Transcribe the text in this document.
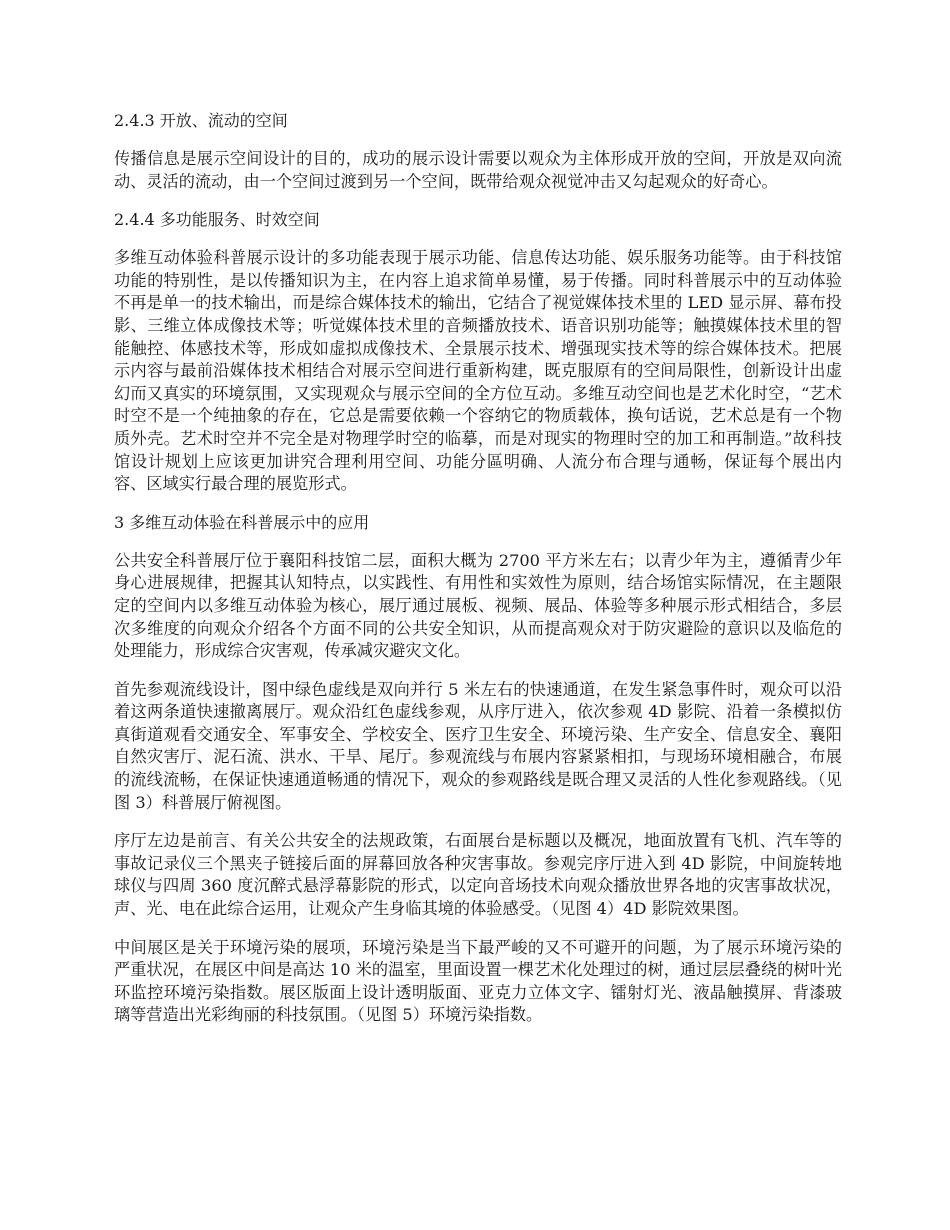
2.4.3 开放、流动的空间

传播信息是展示空间设计的目的，成功的展示设计需要以观众为主体形成开放的空间，开放是双向流动、灵活的流动，由一个空间过渡到另一个空间，既带给观众视觉冲击又勾起观众的好奇心。

2.4.4 多功能服务、时效空间

多维互动体验科普展示设计的多功能表现于展示功能、信息传达功能、娱乐服务功能等。由于科技馆功能的特别性，是以传播知识为主，在内容上追求简单易懂，易于传播。同时科普展示中的互动体验不再是单一的技术输出，而是综合媒体技术的输出，它结合了视觉媒体技术里的 LED 显示屏、幕布投影、三维立体成像技术等；听觉媒体技术里的音频播放技术、语音识别功能等；触摸媒体技术里的智能触控、体感技术等，形成如虚拟成像技术、全景展示技术、增强现实技术等的综合媒体技术。把展示内容与最前沿媒体技术相结合对展示空间进行重新构建，既克服原有的空间局限性，创新设计出虚幻而又真实的环境氛围，又实现观众与展示空间的全方位互动。多维互动空间也是艺术化时空，“艺术时空不是一个纯抽象的存在，它总是需要依赖一个容纳它的物质载体，换句话说，艺术总是有一个物质外壳。艺术时空并不完全是对物理学时空的临摹，而是对现实的物理时空的加工和再制造。”故科技馆设计规划上应该更加讲究合理利用空间、功能分區明确、人流分布合理与通畅，保证每个展出内容、区域实行最合理的展览形式。

3 多维互动体验在科普展示中的应用

公共安全科普展厅位于襄阳科技馆二层，面积大概为 2700 平方米左右；以青少年为主，遵循青少年身心进展规律，把握其认知特点，以实践性、有用性和实效性为原则，结合场馆实际情况，在主题限定的空间内以多维互动体验为核心，展厅通过展板、视频、展品、体验等多种展示形式相结合，多层次多维度的向观众介绍各个方面不同的公共安全知识，从而提高观众对于防灾避险的意识以及临危的处理能力，形成综合灾害观，传承减灾避灾文化。

首先参观流线设计，图中绿色虚线是双向并行 5 米左右的快速通道，在发生紧急事件时，观众可以沿着这两条道快速撤离展厅。观众沿红色虚线参观，从序厅进入，依次参观 4D 影院、沿着一条模拟仿真街道观看交通安全、军事安全、学校安全、医疗卫生安全、环境污染、生产安全、信息安全、襄阳自然灾害厅、泥石流、洪水、干旱、尾厅。参观流线与布展内容紧紧相扣，与现场环境相融合，布展的流线流畅，在保证快速通道畅通的情况下，观众的参观路线是既合理又灵活的人性化参观路线。（见图 3）科普展厅俯视图。

序厅左边是前言、有关公共安全的法规政策，右面展台是标题以及概况，地面放置有飞机、汽车等的事故记录仪三个黑夹子链接后面的屏幕回放各种灾害事故。参观完序厅进入到 4D 影院，中间旋转地球仪与四周 360 度沉醉式悬浮幕影院的形式，以定向音场技术向观众播放世界各地的灾害事故状况，声、光、电在此综合运用，让观众产生身临其境的体验感受。（见图 4）4D 影院效果图。

中间展区是关于环境污染的展项，环境污染是当下最严峻的又不可避开的问题，为了展示环境污染的严重状况，在展区中间是高达 10 米的温室，里面设置一棵艺术化处理过的树，通过层层叠绕的树叶光环监控环境污染指数。展区版面上设计透明版面、亚克力立体文字、镭射灯光、液晶触摸屏、背漆玻璃等营造出光彩绚丽的科技氛围。（见图 5）环境污染指数。
